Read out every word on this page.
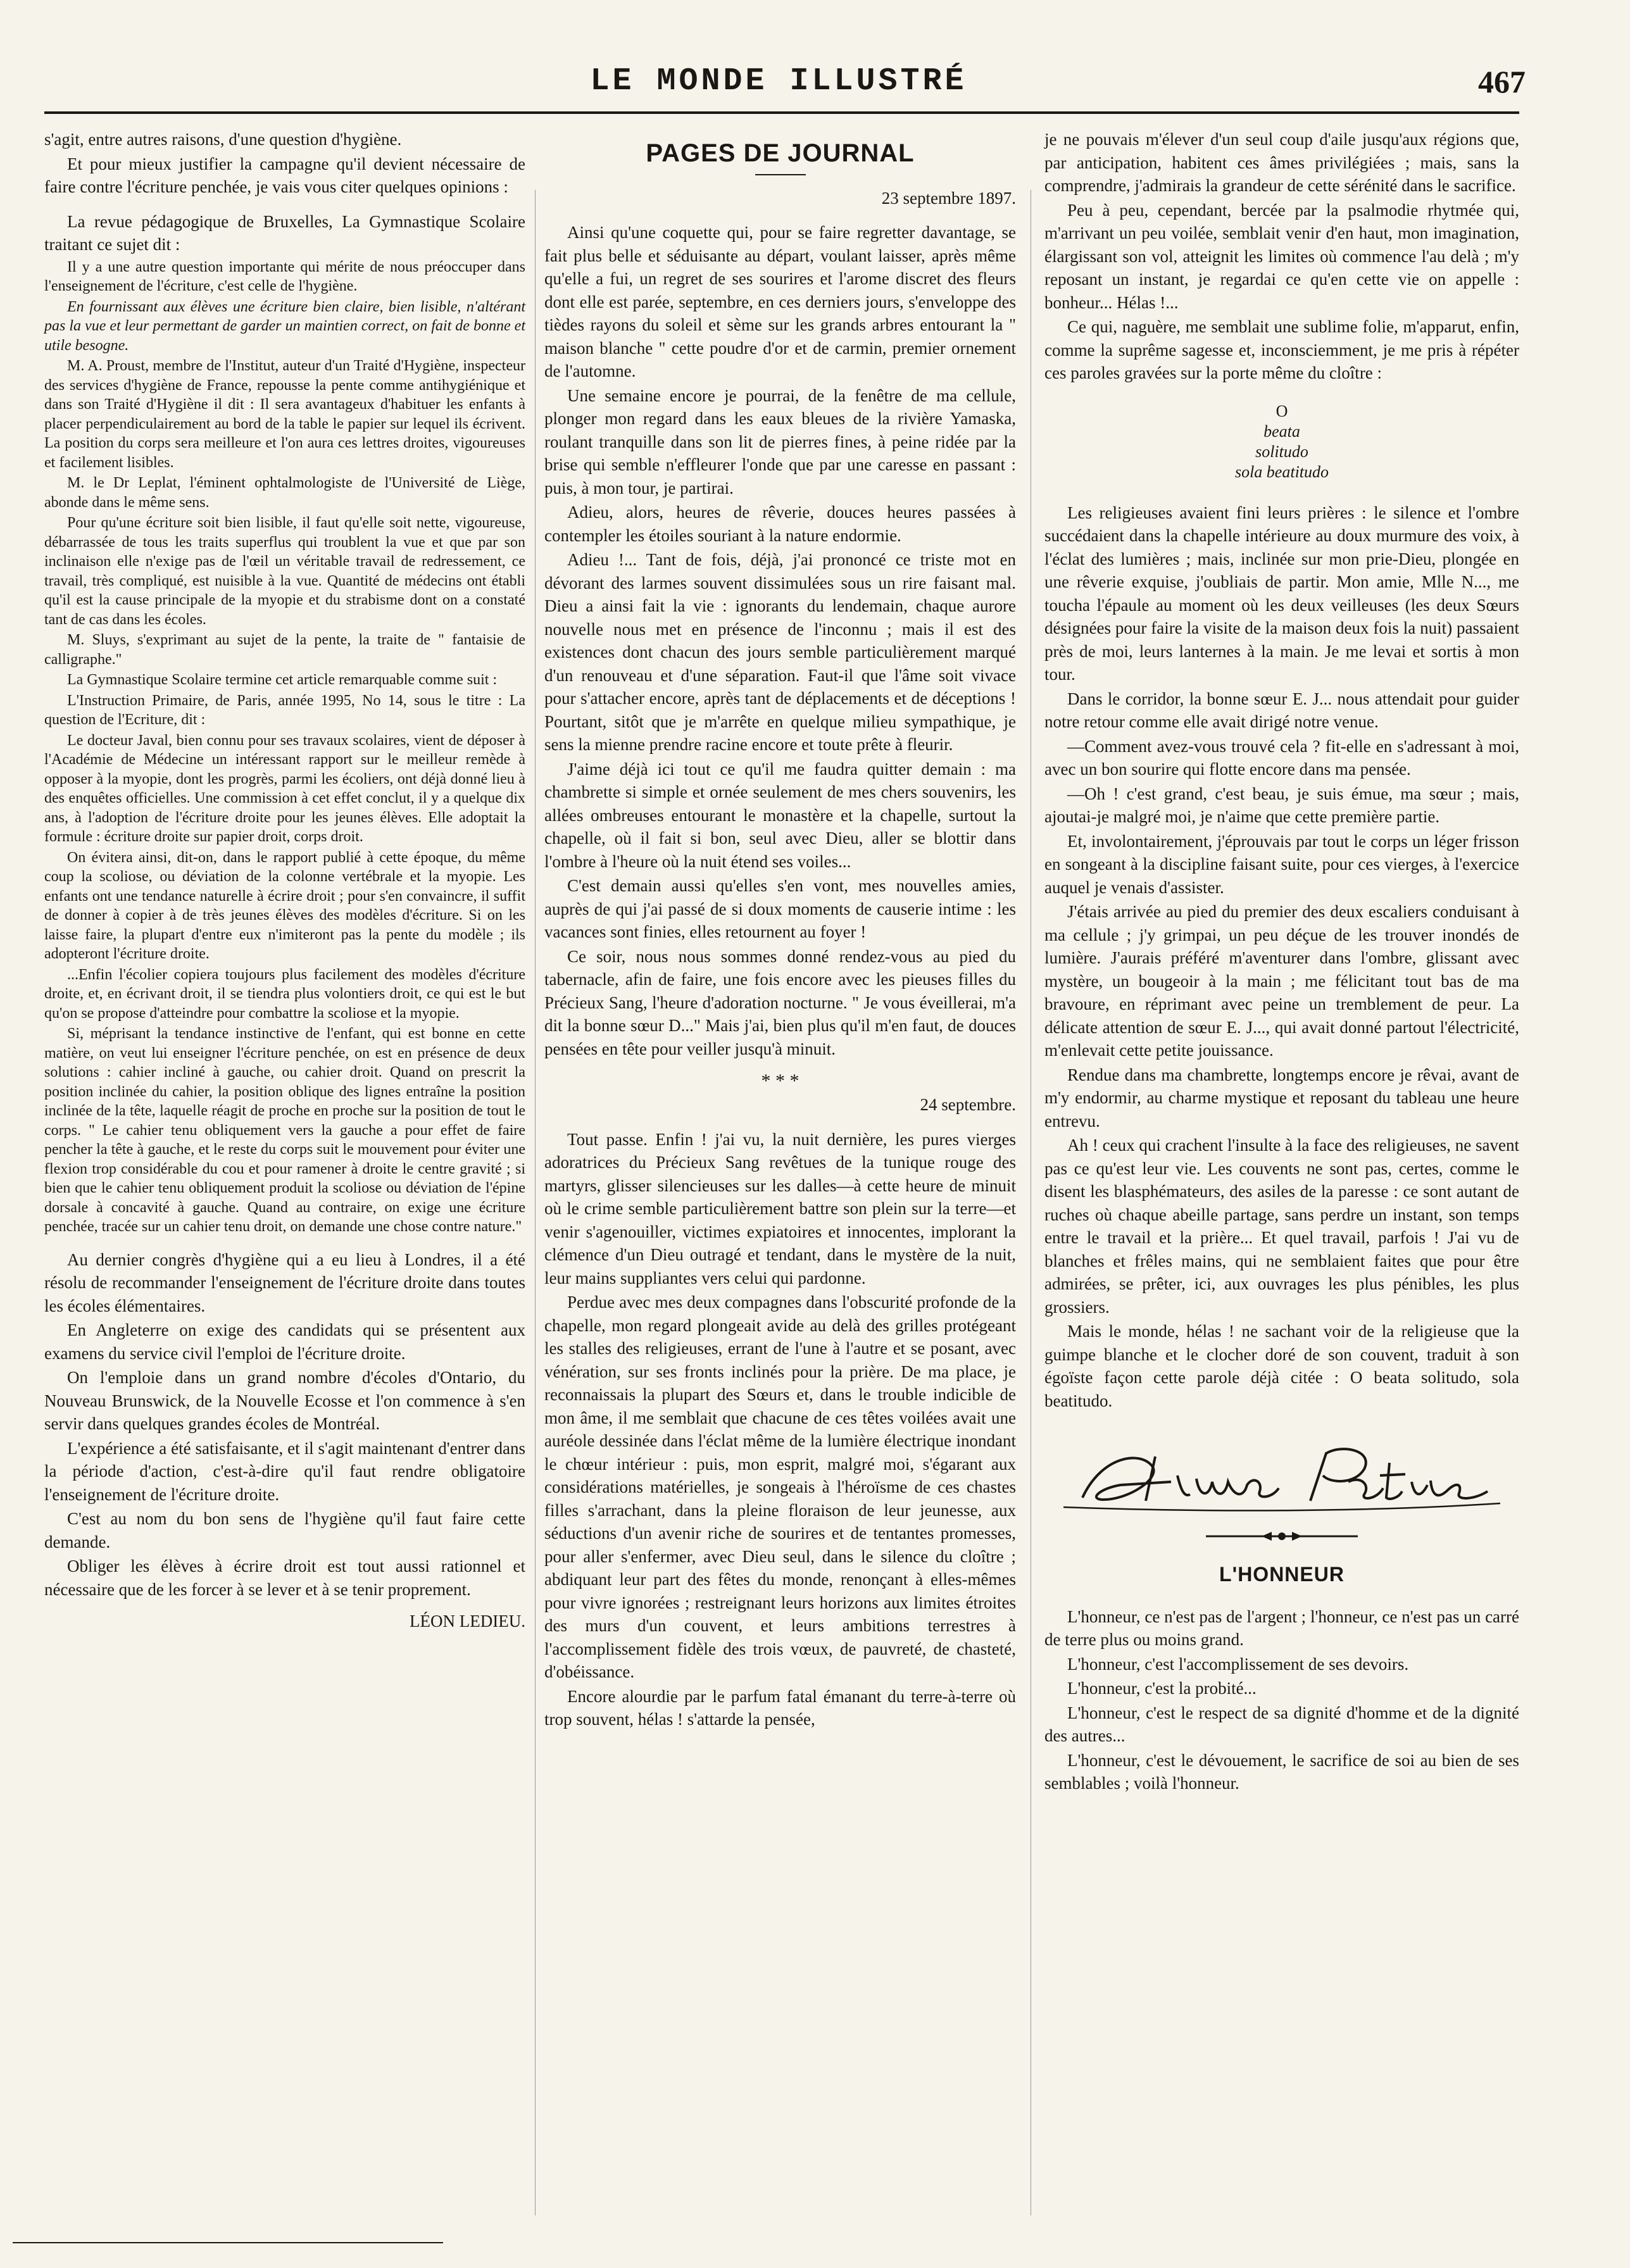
LE MONDE ILLUSTRÉ	467

s'agit, entre autres raisons, d'une question d'hygiène.

Et pour mieux justifier la campagne qu'il devient nécessaire de faire contre l'écriture penchée, je vais vous citer quelques opinions :

La revue pédagogique de Bruxelles, La Gymnastique Scolaire traitant ce sujet dit :

Il y a une autre question importante qui mérite de nous préoccuper dans l'enseignement de l'écriture, c'est celle de l'hygiène.

En fournissant aux élèves une écriture bien claire, bien lisible, n'altérant pas la vue et leur permettant de garder un maintien correct, on fait de bonne et utile besogne.

M. A. Proust, membre de l'Institut, auteur d'un Traité d'Hygiène, inspecteur des services d'hygiène de France, repousse la pente comme antihygiénique et dans son Traité d'Hygiène il dit : Il sera avantageux d'habituer les enfants à placer perpendiculairement au bord de la table le papier sur lequel ils écrivent. La position du corps sera meilleure et l'on aura ces lettres droites, vigoureuses et facilement lisibles.

M. le Dr Leplat, l'éminent ophtalmologiste de l'Université de Liège, abonde dans le même sens.

Pour qu'une écriture soit bien lisible, il faut qu'elle soit nette, vigoureuse, débarrassée de tous les traits superflus qui troublent la vue et que par son inclinaison elle n'exige pas de l'œil un véritable travail de redressement, ce travail, très compliqué, est nuisible à la vue. Quantité de médecins ont établi qu'il est la cause principale de la myopie et du strabisme dont on a constaté tant de cas dans les écoles.

M. Sluys, s'exprimant au sujet de la pente, la traite de " fantaisie de calligraphe."

La Gymnastique Scolaire termine cet article remarquable comme suit :

L'Instruction Primaire, de Paris, année 1995, No 14, sous le titre : La question de l'Ecriture, dit :

Le docteur Javal, bien connu pour ses travaux scolaires, vient de déposer à l'Académie de Médecine un intéressant rapport sur le meilleur remède à opposer à la myopie, dont les progrès, parmi les écoliers, ont déjà donné lieu à des enquêtes officielles. Une commission à cet effet conclut, il y a quelque dix ans, à l'adoption de l'écriture droite pour les jeunes élèves. Elle adoptait la formule : écriture droite sur papier droit, corps droit.

On évitera ainsi, dit-on, dans le rapport publié à cette époque, du même coup la scoliose, ou déviation de la colonne vertébrale et la myopie. Les enfants ont une tendance naturelle à écrire droit ; pour s'en convaincre, il suffit de donner à copier à de très jeunes élèves des modèles d'écriture. Si on les laisse faire, la plupart d'entre eux n'imiteront pas la pente du modèle ; ils adopteront l'écriture droite.

...Enfin l'écolier copiera toujours plus facilement des modèles d'écriture droite, et, en écrivant droit, il se tiendra plus volontiers droit, ce qui est le but qu'on se propose d'atteindre pour combattre la scoliose et la myopie.

Si, méprisant la tendance instinctive de l'enfant, qui est bonne en cette matière, on veut lui enseigner l'écriture penchée, on est en présence de deux solutions : cahier incliné à gauche, ou cahier droit. Quand on prescrit la position inclinée du cahier, la position oblique des lignes entraîne la position inclinée de la tête, laquelle réagit de proche en proche sur la position de tout le corps. " Le cahier tenu obliquement vers la gauche a pour effet de faire pencher la tête à gauche, et le reste du corps suit le mouvement pour éviter une flexion trop considérable du cou et pour ramener à droite le centre gravité ; si bien que le cahier tenu obliquement produit la scoliose ou déviation de l'épine dorsale à concavité à gauche. Quand au contraire, on exige une écriture penchée, tracée sur un cahier tenu droit, on demande une chose contre nature."

Au dernier congrès d'hygiène qui a eu lieu à Londres, il a été résolu de recommander l'enseignement de l'écriture droite dans toutes les écoles élémentaires.

En Angleterre on exige des candidats qui se présentent aux examens du service civil l'emploi de l'écriture droite.

On l'emploie dans un grand nombre d'écoles d'Ontario, du Nouveau Brunswick, de la Nouvelle Ecosse et l'on commence à s'en servir dans quelques grandes écoles de Montréal.

L'expérience a été satisfaisante, et il s'agit maintenant d'entrer dans la période d'action, c'est-à-dire qu'il faut rendre obligatoire l'enseignement de l'écriture droite.

C'est au nom du bon sens de l'hygiène qu'il faut faire cette demande.

Obliger les élèves à écrire droit est tout aussi rationnel et nécessaire que de les forcer à se lever et à se tenir proprement.

LÉON LEDIEU.

PAGES DE JOURNAL

23 septembre 1897.

Ainsi qu'une coquette qui, pour se faire regretter davantage, se fait plus belle et séduisante au départ, voulant laisser, après même qu'elle a fui, un regret de ses sourires et l'arome discret des fleurs dont elle est parée, septembre, en ces derniers jours, s'enveloppe des tièdes rayons du soleil et sème sur les grands arbres entourant la " maison blanche " cette poudre d'or et de carmin, premier ornement de l'automne.

Une semaine encore je pourrai, de la fenêtre de ma cellule, plonger mon regard dans les eaux bleues de la rivière Yamaska, roulant tranquille dans son lit de pierres fines, à peine ridée par la brise qui semble n'effleurer l'onde que par une caresse en passant : puis, à mon tour, je partirai.

Adieu, alors, heures de rêverie, douces heures passées à contempler les étoiles souriant à la nature endormie.

Adieu !... Tant de fois, déjà, j'ai prononcé ce triste mot en dévorant des larmes souvent dissimulées sous un rire faisant mal. Dieu a ainsi fait la vie : ignorants du lendemain, chaque aurore nouvelle nous met en présence de l'inconnu ; mais il est des existences dont chacun des jours semble particulièrement marqué d'un renouveau et d'une séparation. Faut-il que l'âme soit vivace pour s'attacher encore, après tant de déplacements et de déceptions ! Pourtant, sitôt que je m'arrête en quelque milieu sympathique, je sens la mienne prendre racine encore et toute prête à fleurir.

J'aime déjà ici tout ce qu'il me faudra quitter demain : ma chambrette si simple et ornée seulement de mes chers souvenirs, les allées ombreuses entourant le monastère et la chapelle, surtout la chapelle, où il fait si bon, seul avec Dieu, aller se blottir dans l'ombre à l'heure où la nuit étend ses voiles...

C'est demain aussi qu'elles s'en vont, mes nouvelles amies, auprès de qui j'ai passé de si doux moments de causerie intime : les vacances sont finies, elles retournent au foyer !

Ce soir, nous nous sommes donné rendez-vous au pied du tabernacle, afin de faire, une fois encore avec les pieuses filles du Précieux Sang, l'heure d'adoration nocturne. " Je vous éveillerai, m'a dit la bonne sœur D..." Mais j'ai, bien plus qu'il m'en faut, de douces pensées en tête pour veiller jusqu'à minuit.

* * *

24 septembre.

Tout passe. Enfin ! j'ai vu, la nuit dernière, les pures vierges adoratrices du Précieux Sang revêtues de la tunique rouge des martyrs, glisser silencieuses sur les dalles—à cette heure de minuit où le crime semble particulièrement battre son plein sur la terre—et venir s'agenouiller, victimes expiatoires et innocentes, implorant la clémence d'un Dieu outragé et tendant, dans le mystère de la nuit, leur mains suppliantes vers celui qui pardonne.

Perdue avec mes deux compagnes dans l'obscurité profonde de la chapelle, mon regard plongeait avide au delà des grilles protégeant les stalles des religieuses, errant de l'une à l'autre et se posant, avec vénération, sur ses fronts inclinés pour la prière. De ma place, je reconnaissais la plupart des Sœurs et, dans le trouble indicible de mon âme, il me semblait que chacune de ces têtes voilées avait une auréole dessinée dans l'éclat même de la lumière électrique inondant le chœur intérieur : puis, mon esprit, malgré moi, s'égarant aux considérations matérielles, je songeais à l'héroïsme de ces chastes filles s'arrachant, dans la pleine floraison de leur jeunesse, aux séductions d'un avenir riche de sourires et de tentantes promesses, pour aller s'enfermer, avec Dieu seul, dans le silence du cloître ; abdiquant leur part des fêtes du monde, renonçant à elles-mêmes pour vivre ignorées ; restreignant leurs horizons aux limites étroites des murs d'un couvent, et leurs ambitions terrestres à l'accomplissement fidèle des trois vœux, de pauvreté, de chasteté, d'obéissance.

Encore alourdie par le parfum fatal émanant du terre-à-terre où trop souvent, hélas ! s'attarde la pensée,

je ne pouvais m'élever d'un seul coup d'aile jusqu'aux régions que, par anticipation, habitent ces âmes privilégiées ; mais, sans la comprendre, j'admirais la grandeur de cette sérénité dans le sacrifice.

Peu à peu, cependant, bercée par la psalmodie rhytmée qui, m'arrivant un peu voilée, semblait venir d'en haut, mon imagination, élargissant son vol, atteignit les limites où commence l'au delà ; m'y reposant un instant, je regardai ce qu'en cette vie on appelle : bonheur... Hélas !...

Ce qui, naguère, me semblait une sublime folie, m'apparut, enfin, comme la suprême sagesse et, inconsciemment, je me pris à répéter ces paroles gravées sur la porte même du cloître :

O
beata
solitudo
sola beatitudo

Les religieuses avaient fini leurs prières : le silence et l'ombre succédaient dans la chapelle intérieure au doux murmure des voix, à l'éclat des lumières ; mais, inclinée sur mon prie-Dieu, plongée en une rêverie exquise, j'oubliais de partir. Mon amie, Mlle N..., me toucha l'épaule au moment où les deux veilleuses (les deux Sœurs désignées pour faire la visite de la maison deux fois la nuit) passaient près de moi, leurs lanternes à la main. Je me levai et sortis à mon tour.

Dans le corridor, la bonne sœur E. J... nous attendait pour guider notre retour comme elle avait dirigé notre venue.

—Comment avez-vous trouvé cela ? fit-elle en s'adressant à moi, avec un bon sourire qui flotte encore dans ma pensée.

—Oh ! c'est grand, c'est beau, je suis émue, ma sœur ; mais, ajoutai-je malgré moi, je n'aime que cette première partie.

Et, involontairement, j'éprouvais par tout le corps un léger frisson en songeant à la discipline faisant suite, pour ces vierges, à l'exercice auquel je venais d'assister.

J'étais arrivée au pied du premier des deux escaliers conduisant à ma cellule ; j'y grimpai, un peu déçue de les trouver inondés de lumière. J'aurais préféré m'aventurer dans l'ombre, glissant avec mystère, un bougeoir à la main ; me félicitant tout bas de ma bravoure, en réprimant avec peine un tremblement de peur. La délicate attention de sœur E. J..., qui avait donné partout l'électricité, m'enlevait cette petite jouissance.

Rendue dans ma chambrette, longtemps encore je rêvai, avant de m'y endormir, au charme mystique et reposant du tableau une heure entrevu.

Ah ! ceux qui crachent l'insulte à la face des religieuses, ne savent pas ce qu'est leur vie. Les couvents ne sont pas, certes, comme le disent les blasphémateurs, des asiles de la paresse : ce sont autant de ruches où chaque abeille partage, sans perdre un instant, son temps entre le travail et la prière... Et quel travail, parfois ! J'ai vu de blanches et frêles mains, qui ne semblaient faites que pour être admirées, se prêter, ici, aux ouvrages les plus pénibles, les plus grossiers.

Mais le monde, hélas ! ne sachant voir de la religieuse que la guimpe blanche et le clocher doré de son couvent, traduit à son égoïste façon cette parole déjà citée : O beata solitudo, sola beatitudo.

L'HONNEUR

L'honneur, ce n'est pas de l'argent ; l'honneur, ce n'est pas un carré de terre plus ou moins grand.

L'honneur, c'est l'accomplissement de ses devoirs.

L'honneur, c'est la probité...

L'honneur, c'est le respect de sa dignité d'homme et de la dignité des autres...

L'honneur, c'est le dévouement, le sacrifice de soi au bien de ses semblables ; voilà l'honneur.
